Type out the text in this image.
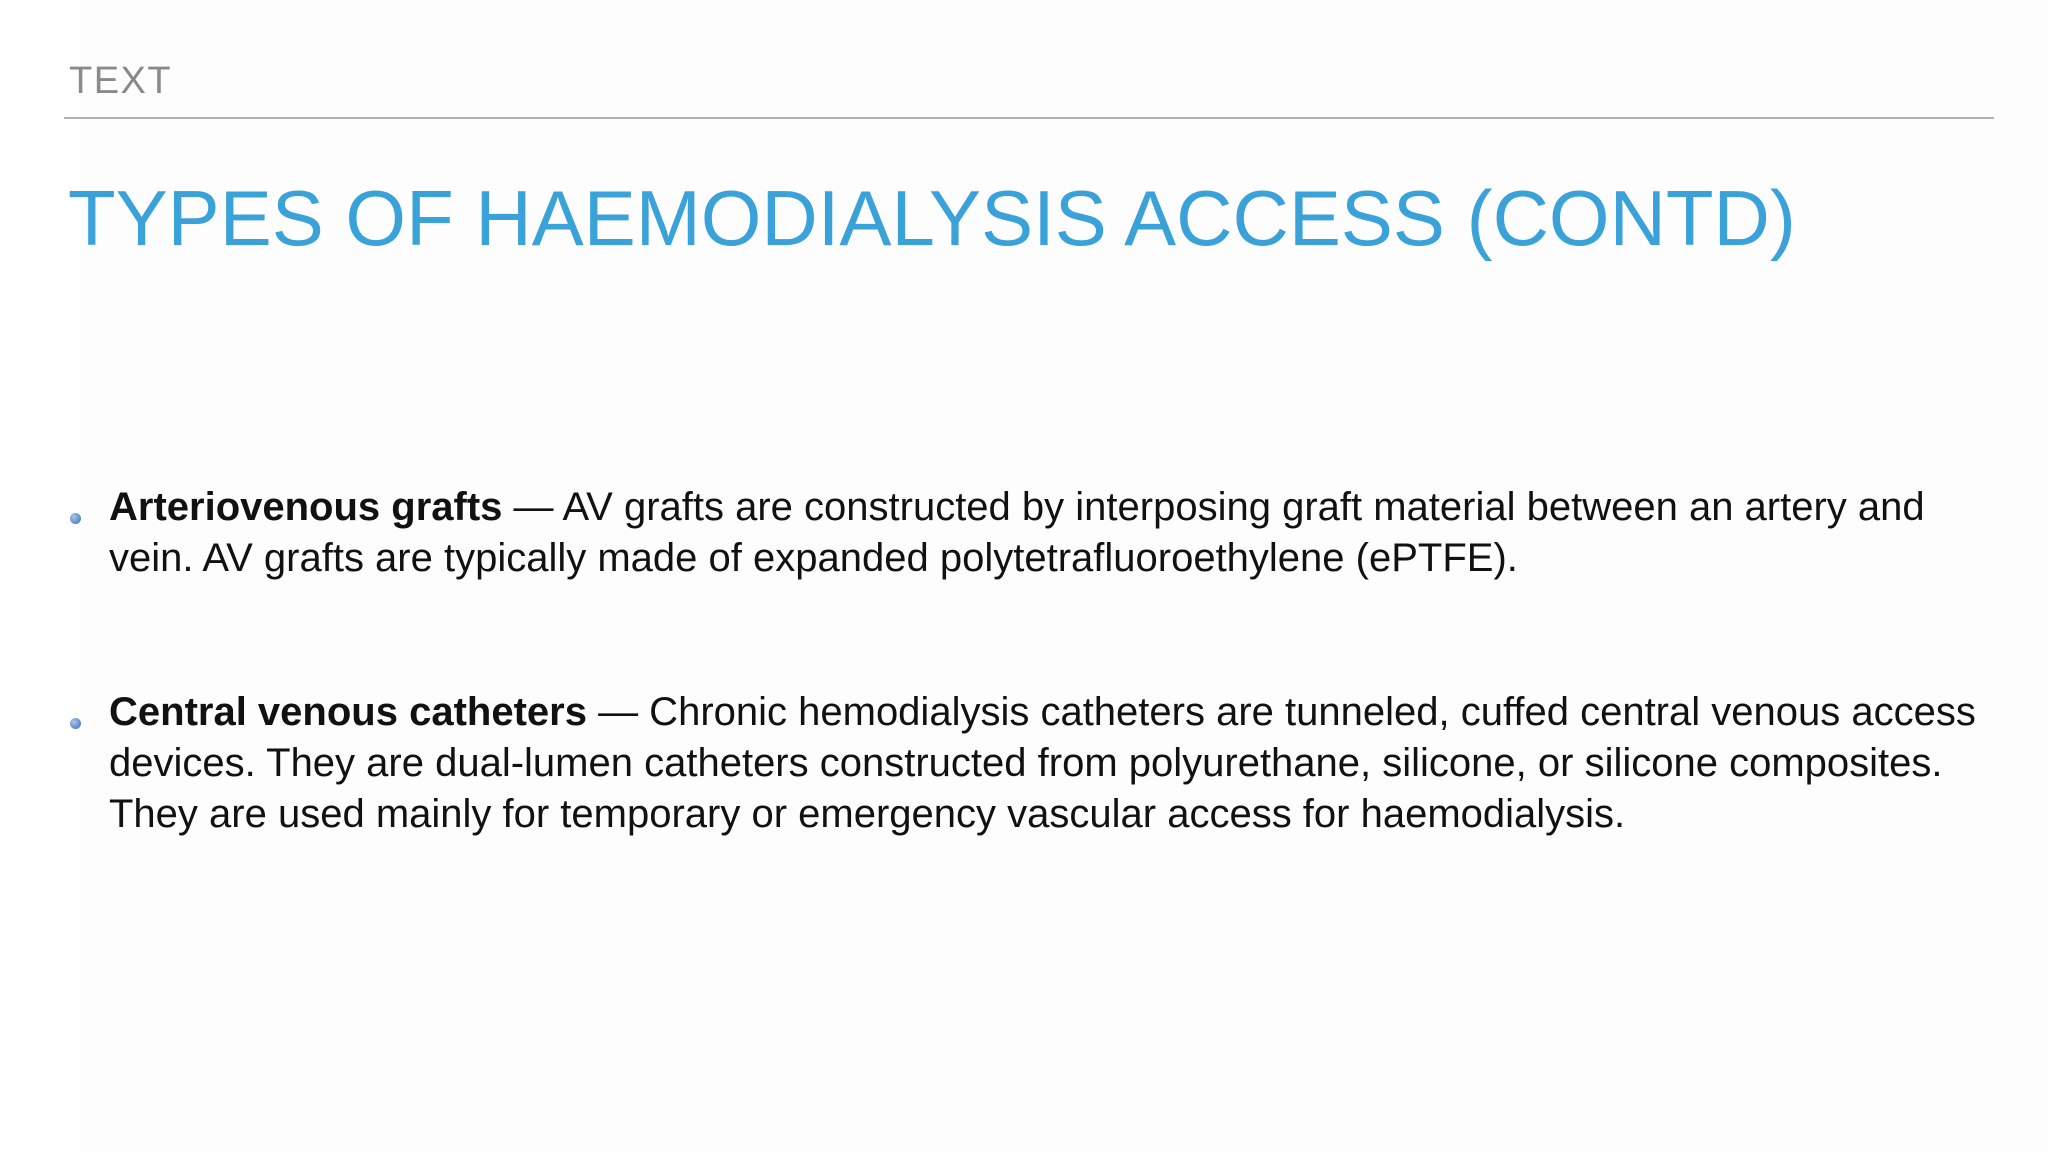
TEXT
TYPES OF HAEMODIALYSIS ACCESS (CONTD)
Arteriovenous grafts — AV grafts are constructed by interposing graft material between an artery and vein. AV grafts are typically made of expanded polytetrafluoroethylene (ePTFE).
Central venous catheters — Chronic hemodialysis catheters are tunneled, cuffed central venous access devices. They are dual-lumen catheters constructed from polyurethane, silicone, or silicone composites. They are used mainly for temporary or emergency vascular access for haemodialysis.
